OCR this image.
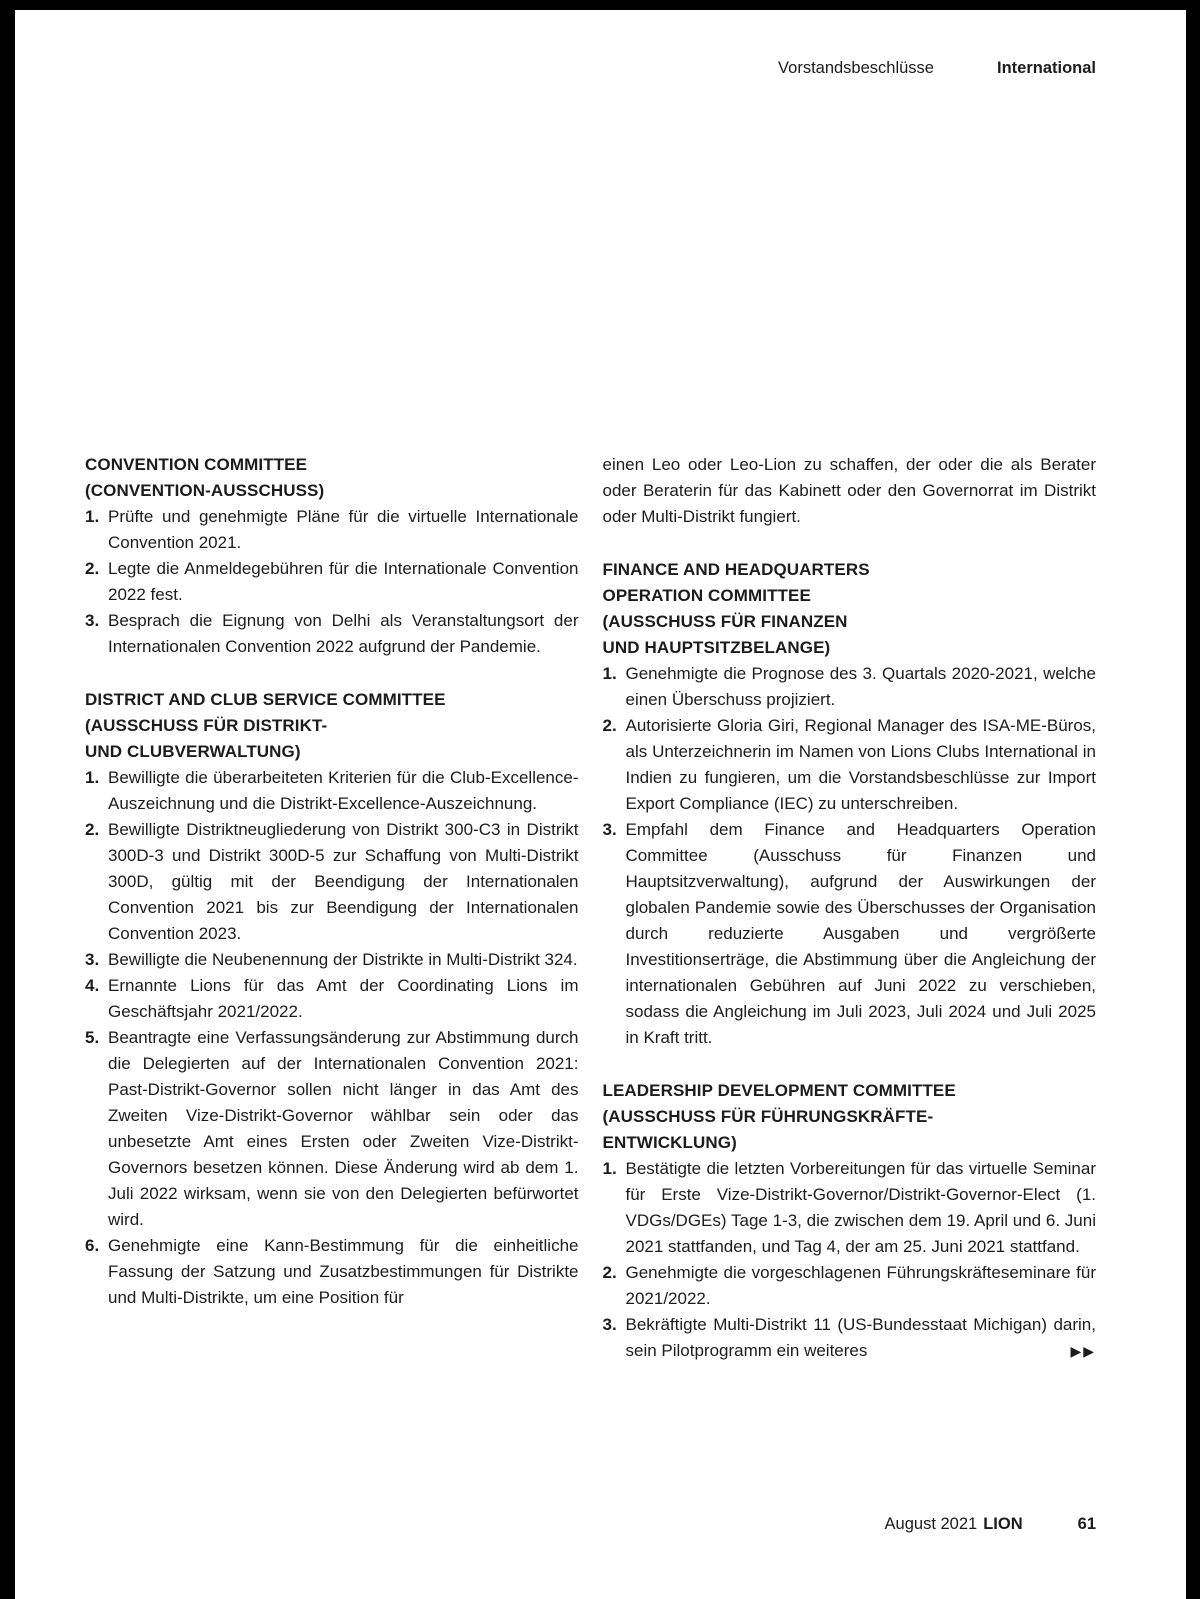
Vorstandsbeschlüsse	International
CONVENTION COMMITTEE
(CONVENTION-AUSSCHUSS)
1. Prüfte und genehmigte Pläne für die virtuelle Internationale Convention 2021.
2. Legte die Anmeldegebühren für die Internationale Convention 2022 fest.
3. Besprach die Eignung von Delhi als Veranstaltungsort der Internationalen Convention 2022 aufgrund der Pandemie.
DISTRICT AND CLUB SERVICE COMMITTEE
(AUSSCHUSS FÜR DISTRIKT-
UND CLUBVERWALTUNG)
1. Bewilligte die überarbeiteten Kriterien für die Club-Excellence-Auszeichnung und die Distrikt-Excellence-Auszeichnung.
2. Bewilligte Distriktneugliederung von Distrikt 300-C3 in Distrikt 300D-3 und Distrikt 300D-5 zur Schaffung von Multi-Distrikt 300D, gültig mit der Beendigung der Internationalen Convention 2021 bis zur Beendigung der Internationalen Convention 2023.
3. Bewilligte die Neubenennung der Distrikte in Multi-Distrikt 324.
4. Ernannte Lions für das Amt der Coordinating Lions im Geschäftsjahr 2021/2022.
5. Beantragte eine Verfassungsänderung zur Abstimmung durch die Delegierten auf der Internationalen Convention 2021: Past-Distrikt-Governor sollen nicht länger in das Amt des Zweiten Vize-Distrikt-Governor wählbar sein oder das unbesetzte Amt eines Ersten oder Zweiten Vize-Distrikt-Governors besetzen können. Diese Änderung wird ab dem 1. Juli 2022 wirksam, wenn sie von den Delegierten befürwortet wird.
6. Genehmigte eine Kann-Bestimmung für die einheitliche Fassung der Satzung und Zusatzbestimmungen für Distrikte und Multi-Distrikte, um eine Position für

einen Leo oder Leo-Lion zu schaffen, der oder die als Berater oder Beraterin für das Kabinett oder den Governorrat im Distrikt oder Multi-Distrikt fungiert.

FINANCE AND HEADQUARTERS
OPERATION COMMITTEE
(AUSSCHUSS FÜR FINANZEN
UND HAUPTSITZBELANGE)
1. Genehmigte die Prognose des 3. Quartals 2020-2021, welche einen Überschuss projiziert.
2. Autorisierte Gloria Giri, Regional Manager des ISA-ME-Büros, als Unterzeichnerin im Namen von Lions Clubs International in Indien zu fungieren, um die Vorstandsbeschlüsse zur Import Export Compliance (IEC) zu unterschreiben.
3. Empfahl dem Finance and Headquarters Operation Committee (Ausschuss für Finanzen und Hauptsitzverwaltung), aufgrund der Auswirkungen der globalen Pandemie sowie des Überschusses der Organisation durch reduzierte Ausgaben und vergrößerte Investitionserträge, die Abstimmung über die Angleichung der internationalen Gebühren auf Juni 2022 zu verschieben, sodass die Angleichung im Juli 2023, Juli 2024 und Juli 2025 in Kraft tritt.
LEADERSHIP DEVELOPMENT COMMITTEE
(AUSSCHUSS FÜR FÜHRUNGSKRÄFTE-
ENTWICKLUNG)
1. Bestätigte die letzten Vorbereitungen für das virtuelle Seminar für Erste Vize-Distrikt-Governor/Distrikt-Governor-Elect (1. VDGs/DGEs) Tage 1-3, die zwischen dem 19. April und 6. Juni 2021 stattfanden, und Tag 4, der am 25. Juni 2021 stattfand.
2. Genehmigte die vorgeschlagenen Führungskräfteseminare für 2021/2022.
3. Bekräftigte Multi-Distrikt 11 (US-Bundesstaat Michigan) darin, sein Pilotprogramm ein weiteres	▶▶
August 2021 LION	61
